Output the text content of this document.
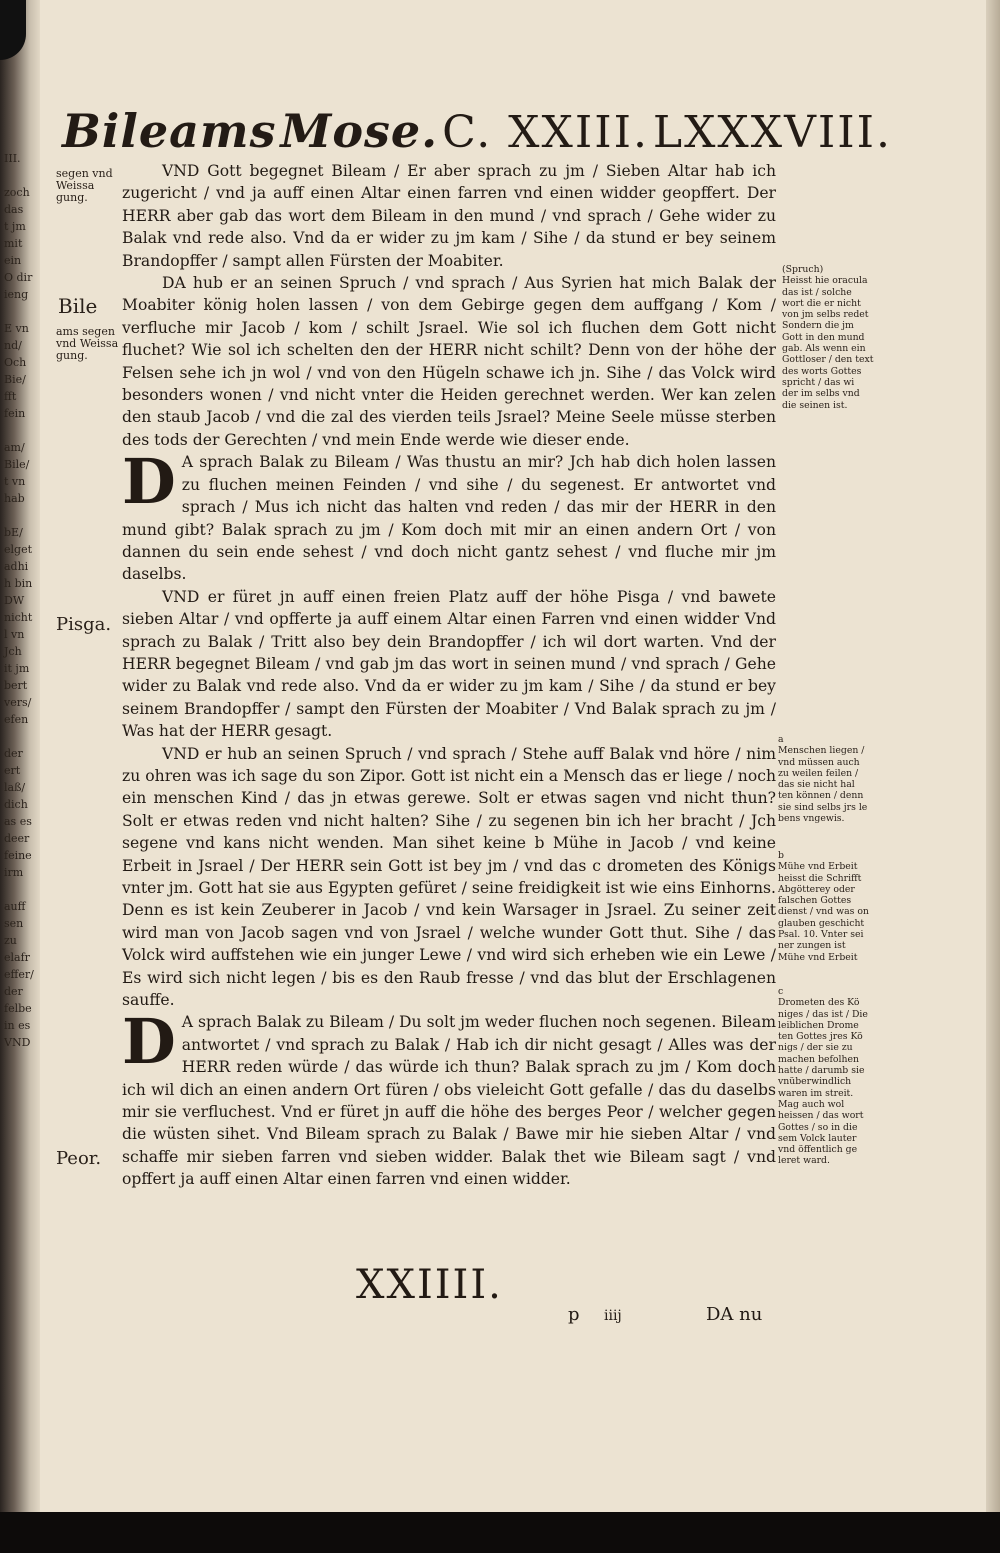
III.

zoch
das
t jm
mit
ein
O dir
ieng

E vn
nd/
Och
Bie/
fft
fein

am/
Bile/
t vn
hab

bE/
elget
adhi
h bin
DW
nicht
l vn
Jch
it jm
bert
vers/
efen

der
ert
laß/
dich
as es
deer
feine
irm

auff
sen
zu
elafr
effer/
der
felbe
in es
VND
Bileams Mose. C. XXIII. LXXXVIII.
segen vnd
Weissa
gung.
Bile
ams segen
vnd Weissa
gung.
Pisga.
Peor.
(Spruch)
Heisst hie oracula
das ist / solche
wort die er nicht
von jm selbs redet
Sondern die jm
Gott in den mund
gab. Als wenn ein
Gottloser / den text
des worts Gottes
spricht / das wi
der im selbs vnd
die seinen ist.
a
Menschen liegen /
vnd müssen auch
zu weilen feilen /
das sie nicht hal
ten können / denn
sie sind selbs jrs le
bens vngewis.
b
Mühe vnd Erbeit
heisst die Schrifft
Abgötterey oder
falschen Gottes
dienst / vnd was on
glauben geschicht
Psal. 10. Vnter sei
ner zungen ist
Mühe vnd Erbeit
c
Drometen des Kö
niges / das ist / Die
leiblichen Drome
ten Gottes jres Kö
nigs / der sie zu
machen befolhen
hatte / darumb sie
vnüberwindlich
waren im streit.
Mag auch wol
heissen / das wort
Gottes / so in die
sem Volck lauter
vnd öffentlich ge
leret ward.

VND Gott begegnet Bileam / Er aber sprach zu jm / Sieben Altar hab ich zugericht / vnd ja auff einen Altar einen farren vnd einen widder geopffert. Der HERR aber gab das wort dem Bileam in den mund / vnd sprach / Gehe wider zu Balak vnd rede also. Vnd da er wider zu jm kam / Sihe / da stund er bey seinem Brandopffer / sampt allen Fürsten der Moabiter.

DA hub er an seinen Spruch / vnd sprach / Aus Syrien hat mich Balak der Moabiter könig holen lassen / von dem Gebirge gegen dem auffgang / Kom / verfluche mir Jacob / kom / schilt Jsrael. Wie sol ich fluchen dem Gott nicht fluchet? Wie sol ich schelten den der HERR nicht schilt? Denn von der höhe der Felsen sehe ich jn wol / vnd von den Hügeln schawe ich jn. Sihe / das Volck wird besonders wonen / vnd nicht vnter die Heiden gerechnet werden. Wer kan zelen den staub Jacob / vnd die zal des vierden teils Jsrael? Meine Seele müsse sterben des tods der Gerechten / vnd mein Ende werde wie dieser ende.

D A sprach Balak zu Bileam / Was thustu an mir? Jch hab dich holen lassen zu fluchen meinen Feinden / vnd sihe / du segenest. Er antwortet vnd sprach / Mus ich nicht das halten vnd reden / das mir der HERR in den mund gibt? Balak sprach zu jm / Kom doch mit mir an einen andern Ort / von dannen du sein ende sehest / vnd doch nicht gantz sehest / vnd fluche mir jm daselbs.

VND er füret jn auff einen freien Platz auff der höhe Pisga / vnd bawete sieben Altar / vnd opfferte ja auff einem Altar einen Farren vnd einen widder Vnd sprach zu Balak / Tritt also bey dein Brandopffer / ich wil dort warten. Vnd der HERR begegnet Bileam / vnd gab jm das wort in seinen mund / vnd sprach / Gehe wider zu Balak vnd rede also. Vnd da er wider zu jm kam / Sihe / da stund er bey seinem Brandopffer / sampt den Fürsten der Moabiter / Vnd Balak sprach zu jm / Was hat der HERR gesagt.

VND er hub an seinen Spruch / vnd sprach / Stehe auff Balak vnd höre / nim zu ohren was ich sage du son Zipor. Gott ist nicht ein a Mensch das er liege / noch ein menschen Kind / das jn etwas gerewe. Solt er etwas sagen vnd nicht thun? Solt er etwas reden vnd nicht halten? Sihe / zu segenen bin ich her bracht / Jch segene vnd kans nicht wenden. Man sihet keine b Mühe in Jacob / vnd keine Erbeit in Jsrael / Der HERR sein Gott ist bey jm / vnd das c drometen des Königs vnter jm. Gott hat sie aus Egypten gefüret / seine freidigkeit ist wie eins Einhorns. Denn es ist kein Zeuberer in Jacob / vnd kein Warsager in Jsrael. Zu seiner zeit wird man von Jacob sagen vnd von Jsrael / welche wunder Gott thut. Sihe / das Volck wird auffstehen wie ein junger Lewe / vnd wird sich erheben wie ein Lewe / Es wird sich nicht legen / bis es den Raub fresse / vnd das blut der Erschlagenen sauffe.

D A sprach Balak zu Bileam / Du solt jm weder fluchen noch segenen. Bileam antwortet / vnd sprach zu Balak / Hab ich dir nicht gesagt / Alles was der HERR reden würde / das würde ich thun? Balak sprach zu jm / Kom doch ich wil dich an einen andern Ort füren / obs vieleicht Gott gefalle / das du daselbs mir sie verfluchest. Vnd er füret jn auff die höhe des berges Peor / welcher gegen die wüsten sihet. Vnd Bileam sprach zu Balak / Bawe mir hie sieben Altar / vnd schaffe mir sieben farren vnd sieben widder. Balak thet wie Bileam sagt / vnd opffert ja auff einen Altar einen farren vnd einen widder.

XXIIII.
p iiij	DA nu
